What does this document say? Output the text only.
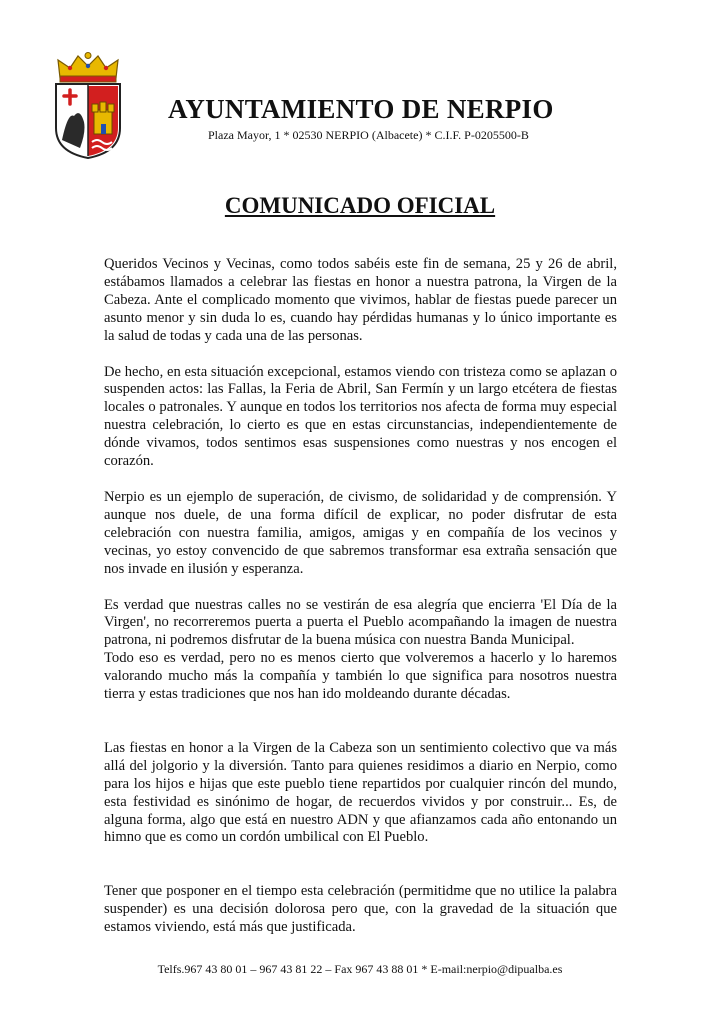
AYUNTAMIENTO DE NERPIO
Plaza Mayor, 1 * 02530 NERPIO (Albacete) * C.I.F. P-0205500-B
COMUNICADO OFICIAL

Queridos Vecinos y Vecinas, como todos sabéis este fin de semana, 25 y 26 de abril, estábamos llamados a celebrar las fiestas en honor a nuestra patrona, la Virgen de la Cabeza. Ante el complicado momento que vivimos, hablar de fiestas puede parecer un asunto menor y sin duda lo es, cuando hay pérdidas humanas y lo único importante es la salud de todas y cada una de las personas.

De hecho, en esta situación excepcional, estamos viendo con tristeza como se aplazan o suspenden actos: las Fallas, la Feria de Abril, San Fermín y un largo etcétera de fiestas locales o patronales. Y aunque en todos los territorios nos afecta de forma muy especial nuestra celebración, lo cierto es que en estas circunstancias, independientemente de dónde vivamos, todos sentimos esas suspensiones como nuestras y nos encogen el corazón.

Nerpio es un ejemplo de superación, de civismo, de solidaridad y de comprensión. Y aunque nos duele, de una forma difícil de explicar, no poder disfrutar de esta celebración con nuestra familia, amigos, amigas y en compañía de los vecinos y vecinas, yo estoy convencido de que sabremos transformar esa extraña sensación que nos invade en ilusión y esperanza.

Es verdad que nuestras calles no se vestirán de esa alegría que encierra 'El Día de la Virgen', no recorreremos puerta a puerta el Pueblo acompañando la imagen de nuestra patrona, ni podremos disfrutar de la buena música con nuestra Banda Municipal.

Todo eso es verdad, pero no es menos cierto que volveremos a hacerlo y lo haremos valorando mucho más la compañía y también lo que significa para nosotros nuestra tierra y estas tradiciones que nos han ido moldeando durante décadas.

Las fiestas en honor a la Virgen de la Cabeza son un sentimiento colectivo que va más allá del jolgorio y la diversión. Tanto para quienes residimos a diario en Nerpio, como para los hijos e hijas que este pueblo tiene repartidos por cualquier rincón del mundo, esta festividad es sinónimo de hogar, de recuerdos vividos y por construir... Es, de alguna forma, algo que está en nuestro ADN y que afianzamos cada año entonando un himno que es como un cordón umbilical con El Pueblo.

Tener que posponer en el tiempo esta celebración (permitidme que no utilice la palabra suspender) es una decisión dolorosa pero que, con la gravedad de la situación que estamos viviendo, está más que justificada.

Telfs.967 43 80 01 – 967 43 81 22 – Fax 967 43 88 01 * E-mail:nerpio@dipualba.es
